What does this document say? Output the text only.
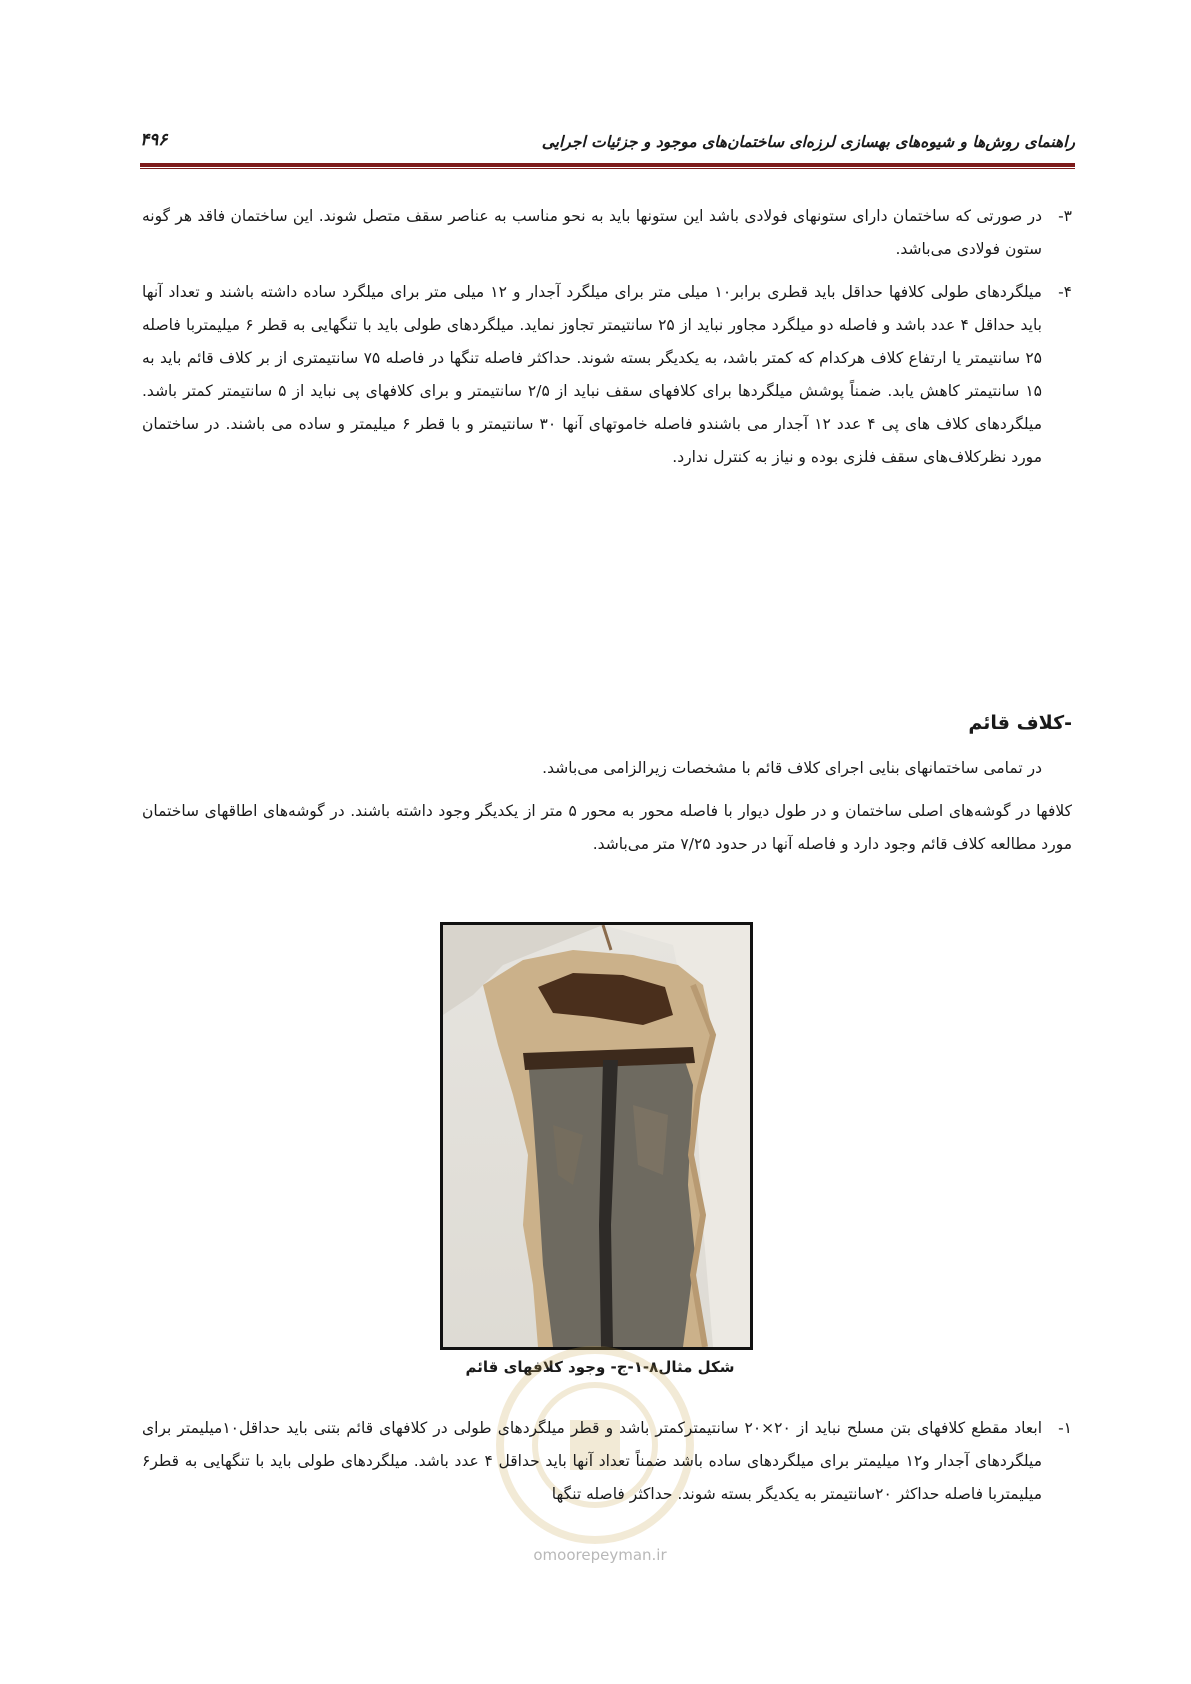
راهنمای روش‌ها و شیوه‌های بهسازی لرزه‌ای ساختمان‌های موجود و جزئیات اجرایی
۴۹۶
۳-

در صورتی که ساختمان دارای ستونهای فولادی باشد این ستونها باید به نحو مناسب به عناصر سقف متصل شوند. این ساختمان فاقد هر گونه ستون فولادی می‌باشد.

۴-

میلگردهای طولی کلافها حداقل باید قطری برابر۱۰ میلی متر برای میلگرد آجدار و ۱۲ میلی متر برای میلگرد ساده داشته باشند و تعداد آنها باید حداقل ۴ عدد باشد و فاصله دو میلگرد مجاور نباید از ۲۵ سانتیمتر تجاوز نماید. میلگردهای طولی باید با تنگهایی به قطر ۶ میلیمتربا فاصله ۲۵ سانتیمتر یا ارتفاع کلاف هرکدام که کمتر باشد، به یکدیگر بسته شوند. حداکثر فاصله تنگها در فاصله ۷۵ سانتیمتری از بر کلاف قائم باید به ۱۵ سانتیمتر کاهش یابد. ضمناً پوشش میلگردها برای کلافهای سقف نباید از ۲/۵ سانتیمتر و برای کلافهای پی نباید از ۵ سانتیمتر کمتر باشد. میلگردهای کلاف های پی ۴ عدد ۱۲ آجدار می باشندو فاصله خاموتهای آنها ۳۰ سانتیمتر و با قطر ۶ میلیمتر و ساده می باشند. در ساختمان مورد نظرکلاف‌های سقف فلزی بوده و نیاز به کنترل ندارد.

-کلاف قائم

در تمامی ساختمانهای بنایی اجرای کلاف قائم با مشخصات زیرالزامی می‌باشد.

کلافها در گوشه‌های اصلی ساختمان و در طول دیوار با فاصله محور به محور ۵ متر از یکدیگر وجود داشته باشند. در گوشه‌های اطاقهای ساختمان مورد مطالعه کلاف قائم وجود دارد و فاصله آنها در حدود ۷/۲۵ متر می‌باشد.

شکل مثال۸-۱-ج- وجود کلافهای قائم
۱-

ابعاد مقطع کلافهای بتن مسلح نباید از ۲۰×۲۰ سانتیمترکمتر باشد و قطر میلگردهای طولی در کلافهای قائم بتنی باید حداقل۱۰میلیمتر برای میلگردهای آجدار و۱۲ میلیمتر برای میلگردهای ساده باشد ضمناً تعداد آنها باید حداقل ۴ عدد باشد. میلگردهای طولی باید با تنگهایی به قطر۶ میلیمتربا فاصله حداکثر ۲۰سانتیمتر به یکدیگر بسته شوند. حداکثر فاصله تنگها

omoorepeyman.ir
